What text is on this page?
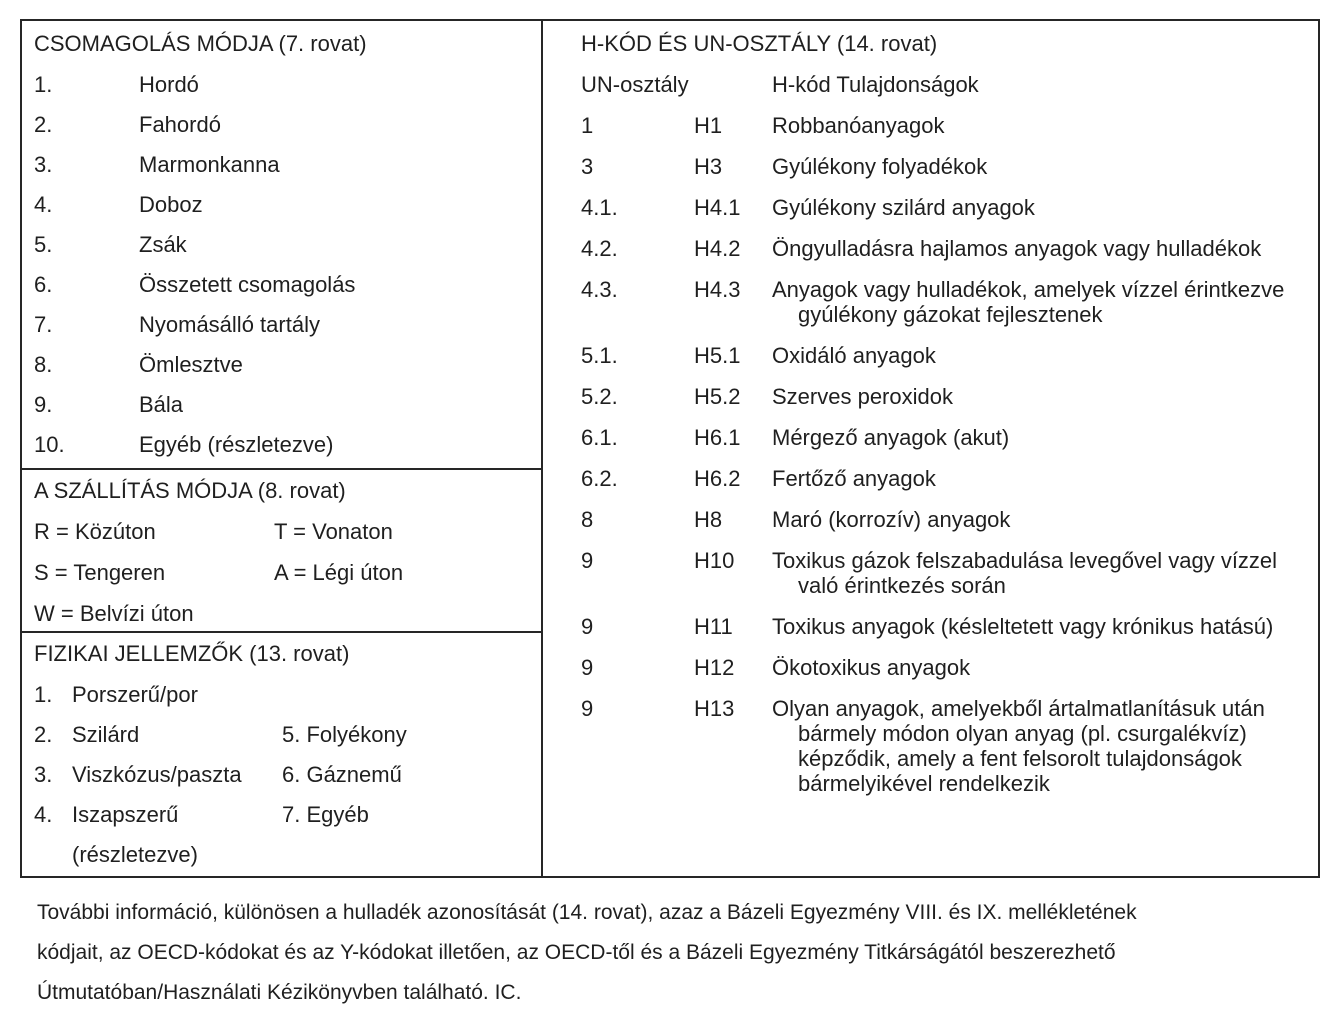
CSOMAGOLÁS MÓDJA (7. rovat)
1.	Hordó
2.	Fahordó
3.	Marmonkanna
4.	Doboz
5.	Zsák
6.	Összetett csomagolás
7.	Nyomásálló tartály
8.	Ömlesztve
9.	Bála
10.	Egyéb (részletezve)
A SZÁLLÍTÁS MÓDJA (8. rovat)
R = Közúton	T = Vonaton
S = Tengeren	A = Légi úton
W = Belvízi úton
FIZIKAI JELLEMZŐK (13. rovat)
1. Porszerű/por
2. Szilárd	5. Folyékony
3. Viszkózus/paszta	6. Gáznemű
4. Iszapszerű	7. Egyéb
(részletezve)
H-KÓD ÉS UN-OSZTÁLY (14. rovat)
UN-osztály	H-kód Tulajdonságok
1	H1	Robbanóanyagok
3	H3	Gyúlékony folyadékok
4.1.	H4.1	Gyúlékony szilárd anyagok
4.2.	H4.2	Öngyulladásra hajlamos anyagok vagy hulladékok
4.3.	H4.3	Anyagok vagy hulladékok, amelyek vízzel érintkezve gyúlékony gázokat fejlesztenek
5.1.	H5.1	Oxidáló anyagok
5.2.	H5.2	Szerves peroxidok
6.1.	H6.1	Mérgező anyagok (akut)
6.2.	H6.2	Fertőző anyagok
8	H8	Maró (korrozív) anyagok
9	H10	Toxikus gázok felszabadulása levegővel vagy vízzel való érintkezés során
9	H11	Toxikus anyagok (késleltetett vagy krónikus hatású)
9	H12	Ökotoxikus anyagok
9	H13	Olyan anyagok, amelyekből ártalmatlanításuk után bármely módon olyan anyag (pl. csurgalékvíz) képződik, amely a fent felsorolt tulajdonságok bármelyikével rendelkezik
További információ, különösen a hulladék azonosítását (14. rovat), azaz a Bázeli Egyezmény VIII. és IX. mellékletének
kódjait, az OECD-kódokat és az Y-kódokat illetően, az OECD-től és a Bázeli Egyezmény Titkárságától beszerezhető
Útmutatóban/Használati Kézikönyvben található. IC.
